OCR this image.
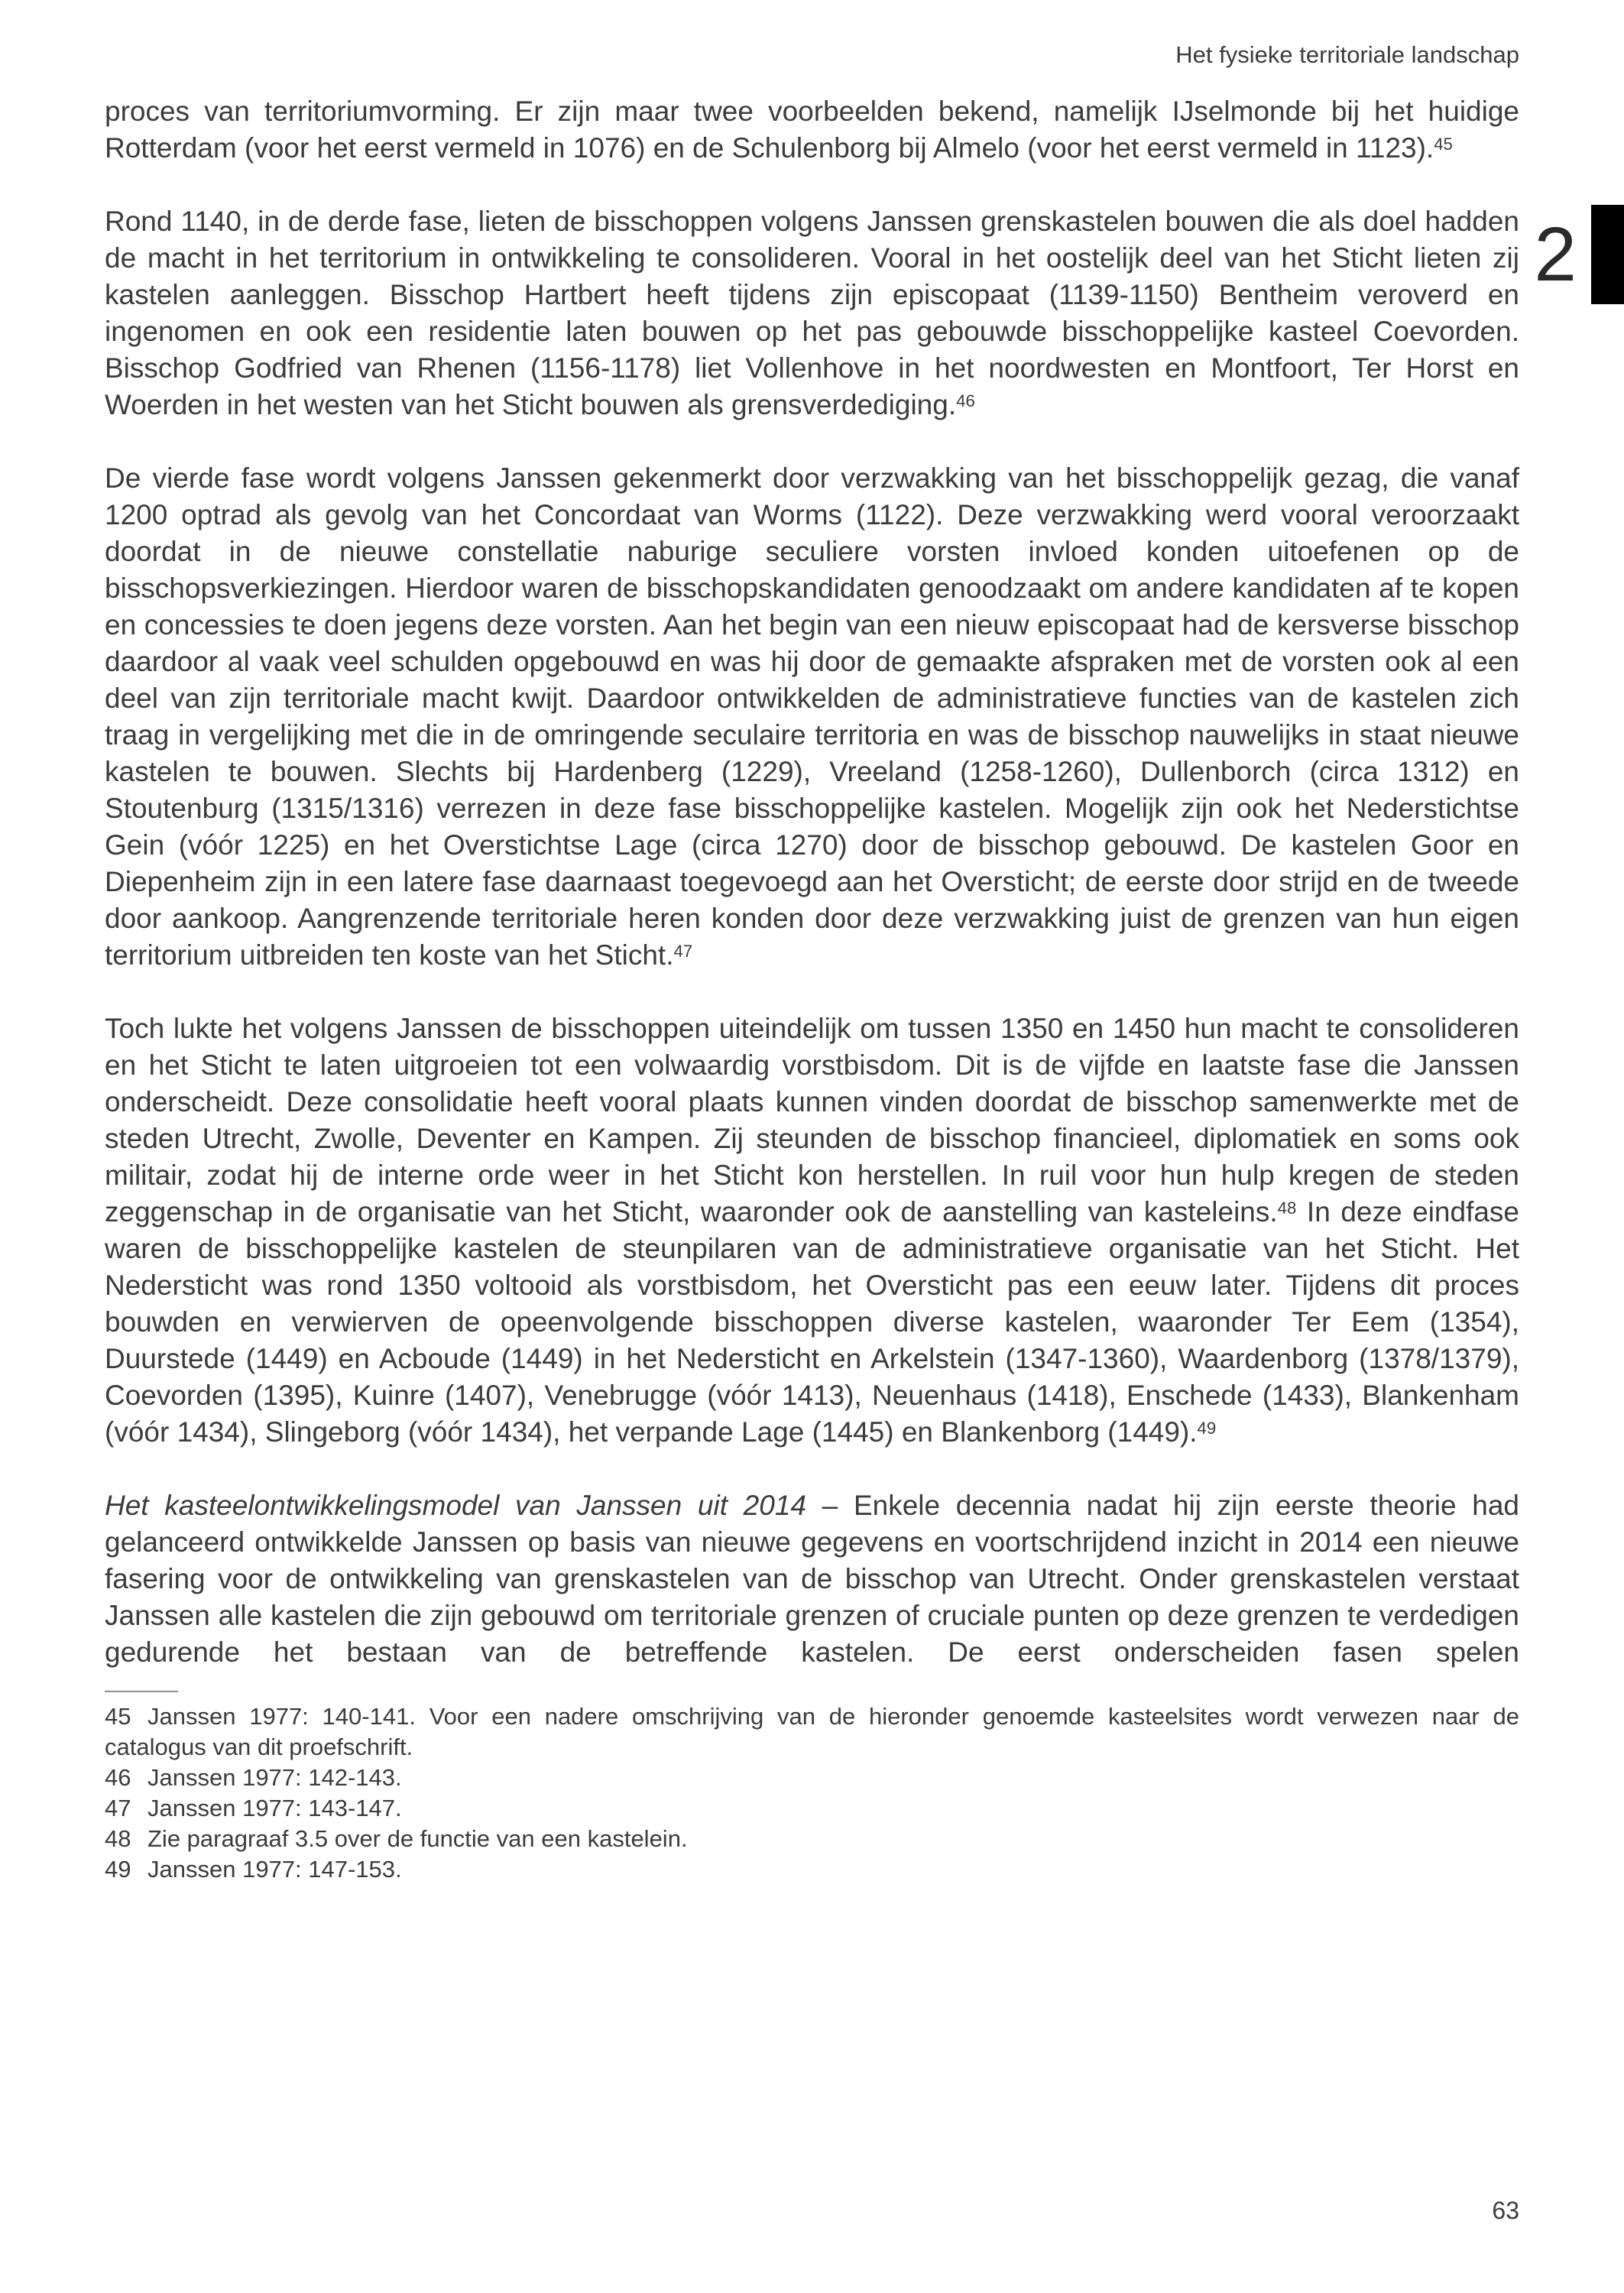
Het fysieke territoriale landschap
2

proces van territoriumvorming. Er zijn maar twee voorbeelden bekend, namelijk IJselmonde bij het huidige Rotterdam (voor het eerst vermeld in 1076) en de Schulenborg bij Almelo (voor het eerst vermeld in 1123).$^{45}$

Rond 1140, in de derde fase, lieten de bisschoppen volgens Janssen grenskastelen bouwen die als doel hadden de macht in het territorium in ontwikkeling te consolideren. Vooral in het oostelijk deel van het Sticht lieten zij kastelen aanleggen. Bisschop Hartbert heeft tijdens zijn episcopaat (1139-1150) Bentheim veroverd en ingenomen en ook een residentie laten bouwen op het pas gebouwde bisschoppelijke kasteel Coevorden. Bisschop Godfried van Rhenen (1156-1178) liet Vollenhove in het noordwesten en Montfoort, Ter Horst en Woerden in het westen van het Sticht bouwen als grensverdediging.$^{46}$

De vierde fase wordt volgens Janssen gekenmerkt door verzwakking van het bisschoppelijk gezag, die vanaf 1200 optrad als gevolg van het Concordaat van Worms (1122). Deze verzwakking werd vooral veroorzaakt doordat in de nieuwe constellatie naburige seculiere vorsten invloed konden uitoefenen op de bisschopsverkiezingen. Hierdoor waren de bisschopskandidaten genoodzaakt om andere kandidaten af te kopen en concessies te doen jegens deze vorsten. Aan het begin van een nieuw episcopaat had de kersverse bisschop daardoor al vaak veel schulden opgebouwd en was hij door de gemaakte afspraken met de vorsten ook al een deel van zijn territoriale macht kwijt. Daardoor ontwikkelden de administratieve functies van de kastelen zich traag in vergelijking met die in de omringende seculaire territoria en was de bisschop nauwelijks in staat nieuwe kastelen te bouwen. Slechts bij Hardenberg (1229), Vreeland (1258-1260), Dullenborch (circa 1312) en Stoutenburg (1315/1316) verrezen in deze fase bisschoppelijke kastelen. Mogelijk zijn ook het Nederstichtse Gein (vóór 1225) en het Overstichtse Lage (circa 1270) door de bisschop gebouwd. De kastelen Goor en Diepenheim zijn in een latere fase daarnaast toegevoegd aan het Oversticht; de eerste door strijd en de tweede door aankoop. Aangrenzende territoriale heren konden door deze verzwakking juist de grenzen van hun eigen territorium uitbreiden ten koste van het Sticht.$^{47}$

Toch lukte het volgens Janssen de bisschoppen uiteindelijk om tussen 1350 en 1450 hun macht te consolideren en het Sticht te laten uitgroeien tot een volwaardig vorstbisdom. Dit is de vijfde en laatste fase die Janssen onderscheidt. Deze consolidatie heeft vooral plaats kunnen vinden doordat de bisschop samenwerkte met de steden Utrecht, Zwolle, Deventer en Kampen. Zij steunden de bisschop financieel, diplomatiek en soms ook militair, zodat hij de interne orde weer in het Sticht kon herstellen. In ruil voor hun hulp kregen de steden zeggenschap in de organisatie van het Sticht, waaronder ook de aanstelling van kasteleins.$^{48}$ In deze eindfase waren de bisschoppelijke kastelen de steunpilaren van de administratieve organisatie van het Sticht. Het Nedersticht was rond 1350 voltooid als vorstbisdom, het Oversticht pas een eeuw later. Tijdens dit proces bouwden en verwierven de opeenvolgende bisschoppen diverse kastelen, waaronder Ter Eem (1354), Duurstede (1449) en Acboude (1449) in het Nedersticht en Arkelstein (1347-1360), Waardenborg (1378/1379), Coevorden (1395), Kuinre (1407), Venebrugge (vóór 1413), Neuenhaus (1418), Enschede (1433), Blankenham (vóór 1434), Slingeborg (vóór 1434), het verpande Lage (1445) en Blankenborg (1449).$^{49}$

Het kasteelontwikkelingsmodel van Janssen uit 2014 – Enkele decennia nadat hij zijn eerste theorie had gelanceerd ontwikkelde Janssen op basis van nieuwe gegevens en voortschrijdend inzicht in 2014 een nieuwe fasering voor de ontwikkeling van grenskastelen van de bisschop van Utrecht. Onder grenskastelen verstaat Janssen alle kastelen die zijn gebouwd om territoriale grenzen of cruciale punten op deze grenzen te verdedigen gedurende het bestaan van de betreffende kastelen. De eerst onderscheiden fasen spelen

45 Janssen 1977: 140-141. Voor een nadere omschrijving van de hieronder genoemde kasteelsites wordt verwezen naar de catalogus van dit proefschrift.

46 Janssen 1977: 142-143.

47 Janssen 1977: 143-147.

48 Zie paragraaf 3.5 over de functie van een kastelein.

49 Janssen 1977: 147-153.

63
